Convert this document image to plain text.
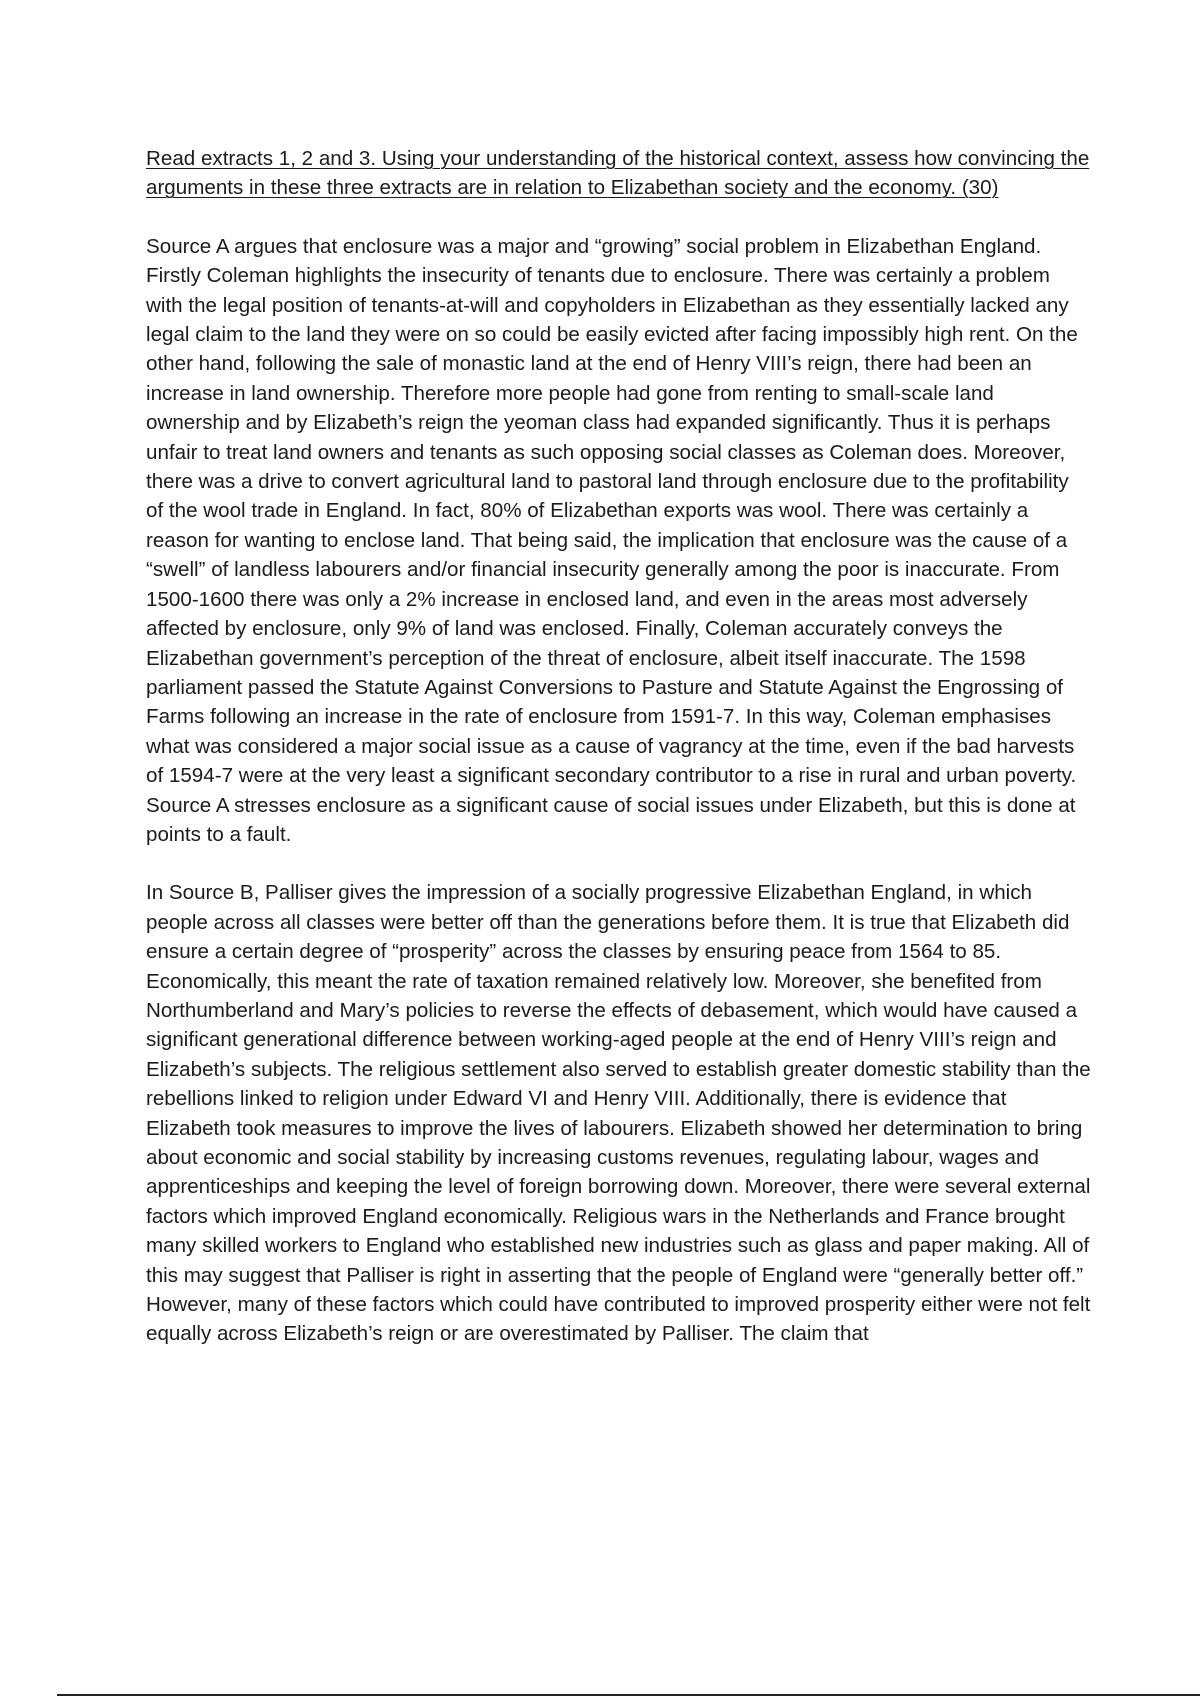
Read extracts 1, 2 and 3. Using your understanding of the historical context, assess how convincing the arguments in these three extracts are in relation to Elizabethan society and the economy. (30)

Source A argues that enclosure was a major and “growing” social problem in Elizabethan England. Firstly Coleman highlights the insecurity of tenants due to enclosure. There was certainly a problem with the legal position of tenants-at-will and copyholders in Elizabethan as they essentially lacked any legal claim to the land they were on so could be easily evicted after facing impossibly high rent. On the other hand, following the sale of monastic land at the end of Henry VIII’s reign, there had been an increase in land ownership. Therefore more people had gone from renting to small-scale land ownership and by Elizabeth’s reign the yeoman class had expanded significantly. Thus it is perhaps unfair to treat land owners and tenants as such opposing social classes as Coleman does. Moreover, there was a drive to convert agricultural land to pastoral land through enclosure due to the profitability of the wool trade in England. In fact, 80% of Elizabethan exports was wool. There was certainly a reason for wanting to enclose land. That being said, the implication that enclosure was the cause of a “swell” of landless labourers and/or financial insecurity generally among the poor is inaccurate. From 1500-1600 there was only a 2% increase in enclosed land, and even in the areas most adversely affected by enclosure, only 9% of land was enclosed. Finally, Coleman accurately conveys the Elizabethan government’s perception of the threat of enclosure, albeit itself inaccurate. The 1598 parliament passed the Statute Against Conversions to Pasture and Statute Against the Engrossing of Farms following an increase in the rate of enclosure from 1591-7. In this way, Coleman emphasises what was considered a major social issue as a cause of vagrancy at the time, even if the bad harvests of 1594-7 were at the very least a significant secondary contributor to a rise in rural and urban poverty. Source A stresses enclosure as a significant cause of social issues under Elizabeth, but this is done at points to a fault.

In Source B, Palliser gives the impression of a socially progressive Elizabethan England, in which people across all classes were better off than the generations before them. It is true that Elizabeth did ensure a certain degree of “prosperity” across the classes by ensuring peace from 1564 to 85. Economically, this meant the rate of taxation remained relatively low. Moreover, she benefited from Northumberland and Mary’s policies to reverse the effects of debasement, which would have caused a significant generational difference between working-aged people at the end of Henry VIII’s reign and Elizabeth’s subjects. The religious settlement also served to establish greater domestic stability than the rebellions linked to religion under Edward VI and Henry VIII. Additionally, there is evidence that Elizabeth took measures to improve the lives of labourers. Elizabeth showed her determination to bring about economic and social stability by increasing customs revenues, regulating labour, wages and apprenticeships and keeping the level of foreign borrowing down. Moreover, there were several external factors which improved England economically. Religious wars in the Netherlands and France brought many skilled workers to England who established new industries such as glass and paper making. All of this may suggest that Palliser is right in asserting that the people of England were “generally better off.” However, many of these factors which could have contributed to improved prosperity either were not felt equally across Elizabeth’s reign or are overestimated by Palliser. The claim that
